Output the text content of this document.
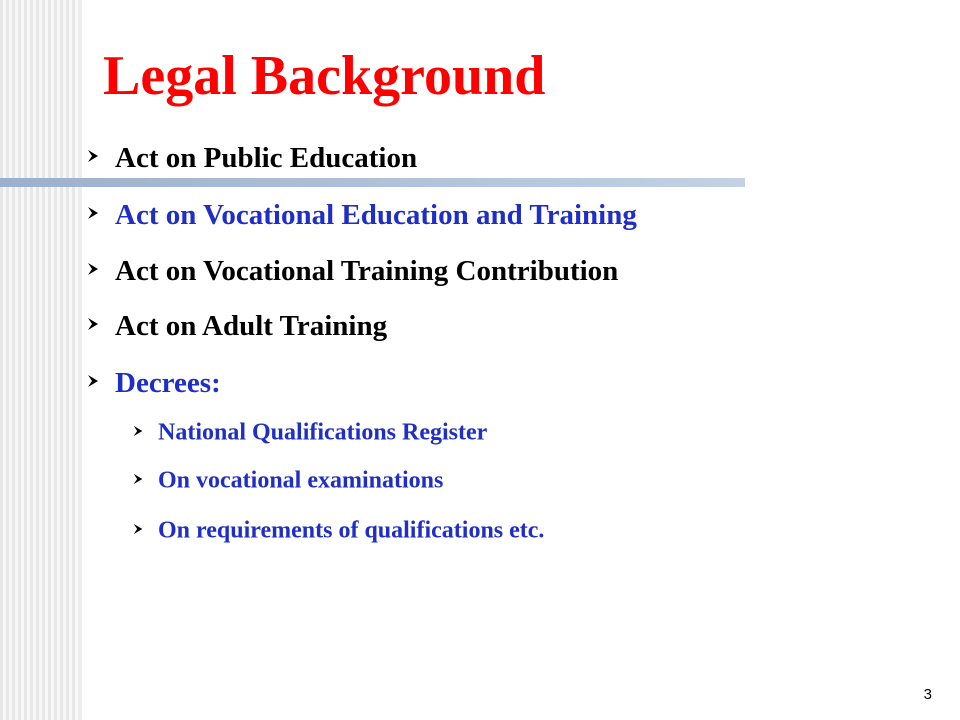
Legal Background
Act on Public Education
Act on Vocational Education and Training
Act on Vocational Training Contribution
Act on Adult Training
Decrees:
National Qualifications Register
On vocational examinations
On requirements of qualifications etc.
3
